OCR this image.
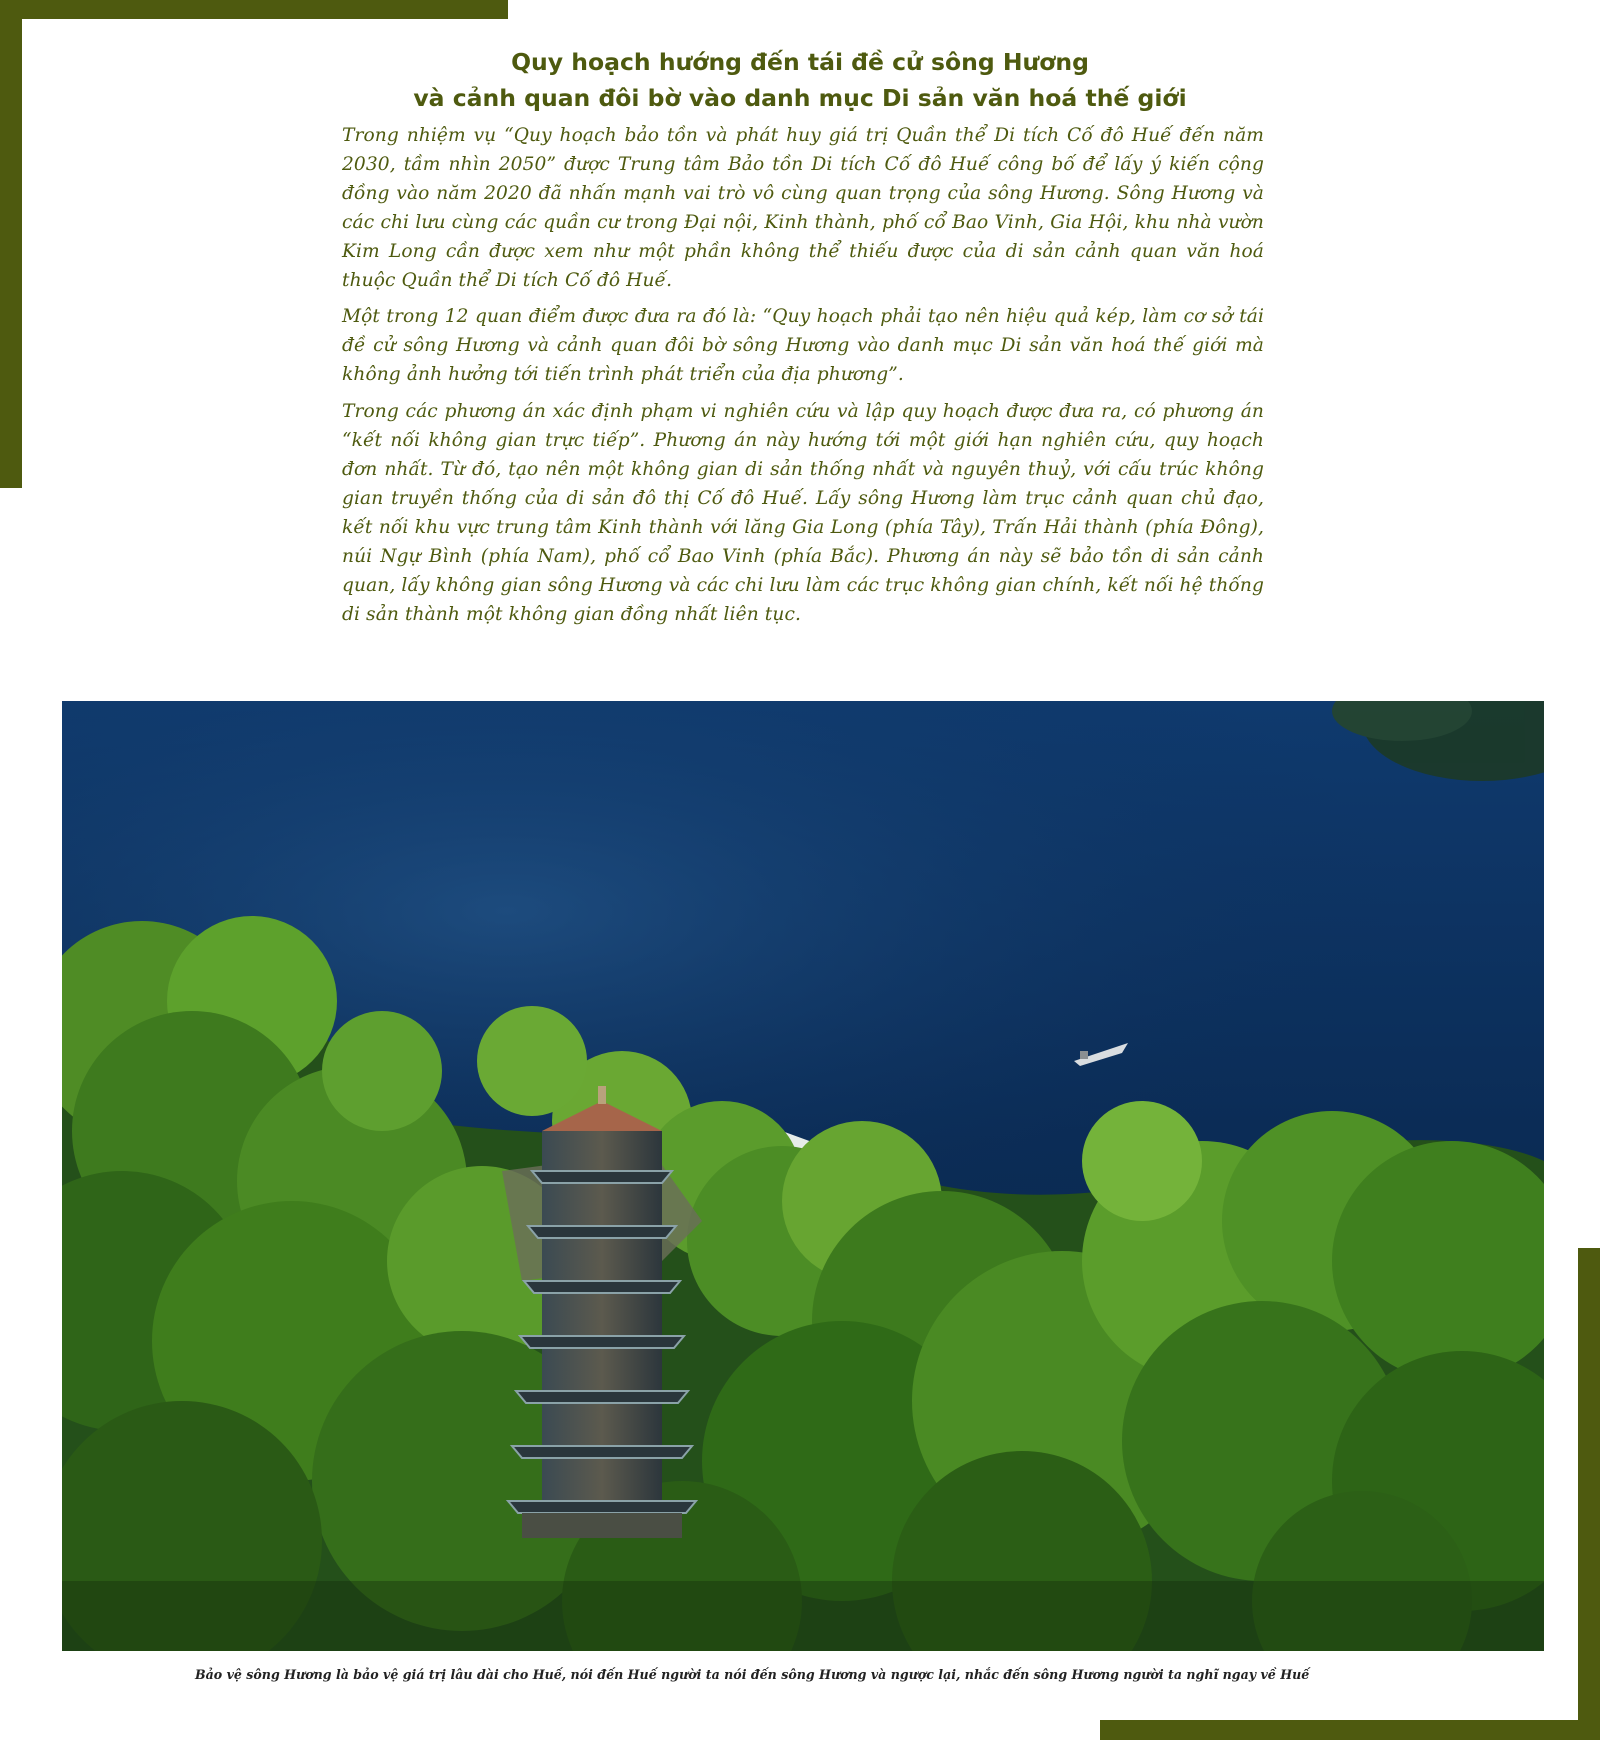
Quy hoạch hướng đến tái đề cử sông Hương
và cảnh quan đôi bờ vào danh mục Di sản văn hoá thế giới

Trong nhiệm vụ “Quy hoạch bảo tồn và phát huy giá trị Quần thể Di tích Cố đô Huế đến năm 2030, tầm nhìn 2050” được Trung tâm Bảo tồn Di tích Cố đô Huế công bố để lấy ý kiến cộng đồng vào năm 2020 đã nhấn mạnh vai trò vô cùng quan trọng của sông Hương. Sông Hương và các chi lưu cùng các quần cư trong Đại nội, Kinh thành, phố cổ Bao Vinh, Gia Hội, khu nhà vườn Kim Long cần được xem như một phần không thể thiếu được của di sản cảnh quan văn hoá thuộc Quần thể Di tích Cố đô Huế.

Một trong 12 quan điểm được đưa ra đó là: “Quy hoạch phải tạo nên hiệu quả kép, làm cơ sở tái đề cử sông Hương và cảnh quan đôi bờ sông Hương vào danh mục Di sản văn hoá thế giới mà không ảnh hưởng tới tiến trình phát triển của địa phương”.

Trong các phương án xác định phạm vi nghiên cứu và lập quy hoạch được đưa ra, có phương án “kết nối không gian trực tiếp”. Phương án này hướng tới một giới hạn nghiên cứu, quy hoạch đơn nhất. Từ đó, tạo nên một không gian di sản thống nhất và nguyên thuỷ, với cấu trúc không gian truyền thống của di sản đô thị Cố đô Huế. Lấy sông Hương làm trục cảnh quan chủ đạo, kết nối khu vực trung tâm Kinh thành với lăng Gia Long (phía Tây), Trấn Hải thành (phía Đông), núi Ngự Bình (phía Nam), phố cổ Bao Vinh (phía Bắc). Phương án này sẽ bảo tồn di sản cảnh quan, lấy không gian sông Hương và các chi lưu làm các trục không gian chính, kết nối hệ thống di sản thành một không gian đồng nhất liên tục.

Bảo vệ sông Hương là bảo vệ giá trị lâu dài cho Huế, nói đến Huế người ta nói đến sông Hương và ngược lại, nhắc đến sông Hương người ta nghĩ ngay về Huế
